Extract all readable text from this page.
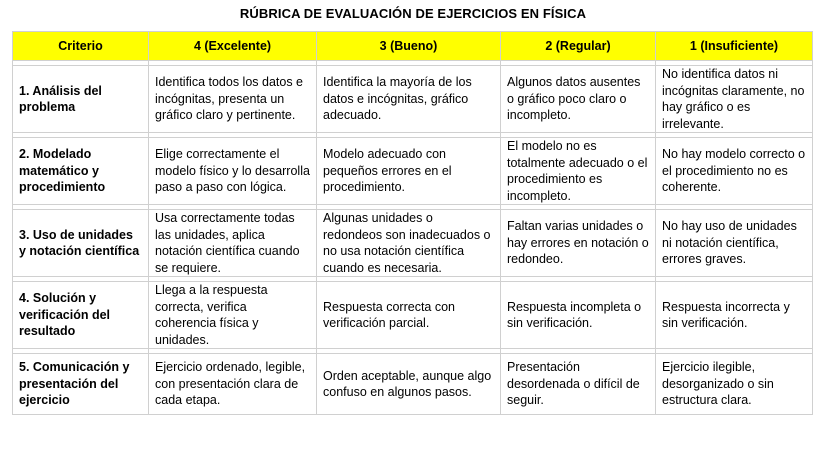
RÚBRICA DE EVALUACIÓN DE EJERCICIOS EN FÍSICA
Criterio	4 (Excelente)	3 (Bueno)	2 (Regular)	1 (Insuficiente)

1. Análisis del problema	Identifica todos los datos e incógnitas, presenta un gráfico claro y pertinente.	Identifica la mayoría de los datos e incógnitas, gráfico adecuado.	Algunos datos ausentes o gráfico poco claro o incompleto.	No identifica datos ni incógnitas claramente, no hay gráfico o es irrelevante.

2. Modelado matemático y procedimiento	Elige correctamente el modelo físico y lo desarrolla paso a paso con lógica.	Modelo adecuado con pequeños errores en el procedimiento.	El modelo no es totalmente adecuado o el procedimiento es incompleto.	No hay modelo correcto o el procedimiento no es coherente.

3. Uso de unidades y notación científica	Usa correctamente todas las unidades, aplica notación científica cuando se requiere.	Algunas unidades o redondeos son inadecuados o no usa notación científica cuando es necesaria.	Faltan varias unidades o hay errores en notación o redondeo.	No hay uso de unidades ni notación científica, errores graves.

4. Solución y verificación del resultado	Llega a la respuesta correcta, verifica coherencia física y unidades.	Respuesta correcta con verificación parcial.	Respuesta incompleta o sin verificación.	Respuesta incorrecta y sin verificación.

5. Comunicación y presentación del ejercicio	Ejercicio ordenado, legible, con presentación clara de cada etapa.	Orden aceptable, aunque algo confuso en algunos pasos.	Presentación desordenada o difícil de seguir.	Ejercicio ilegible, desorganizado o sin estructura clara.
